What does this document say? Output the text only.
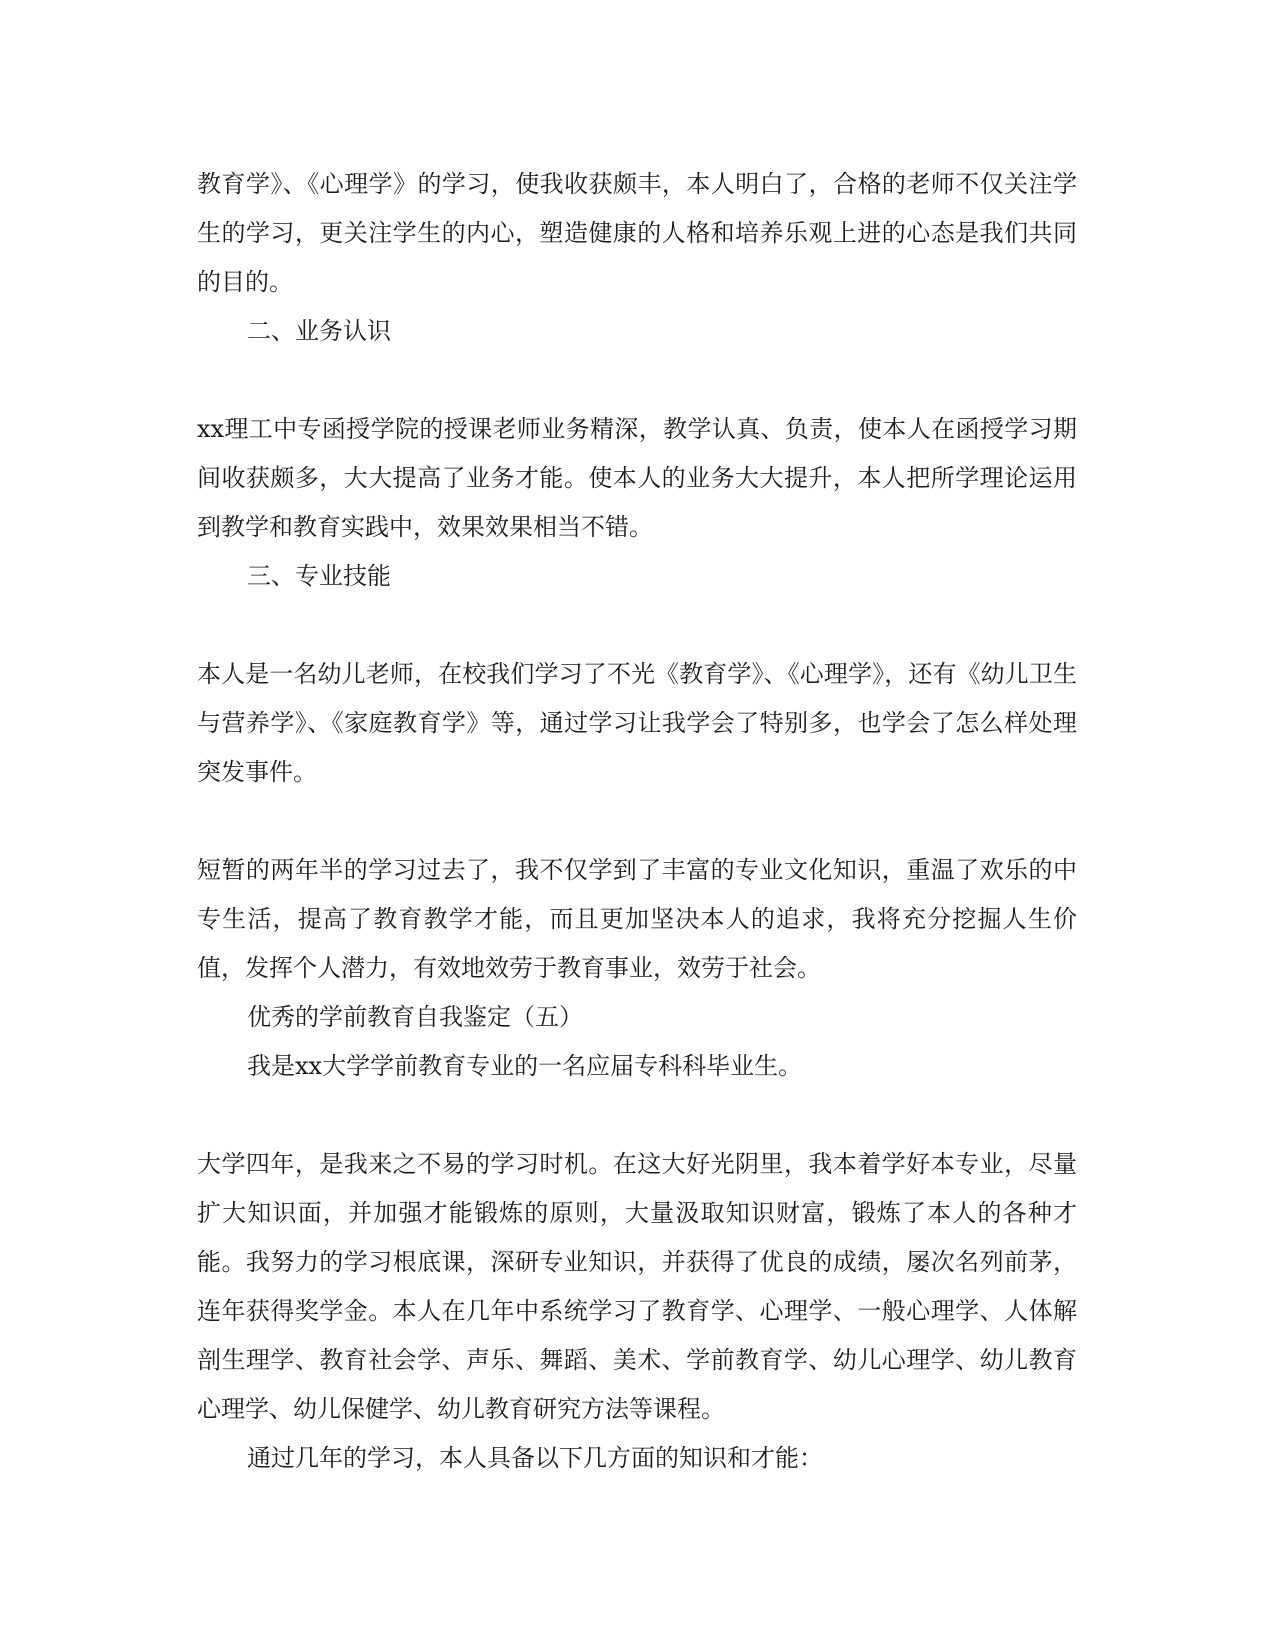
教育学》、《心理学》的学习，使我收获颇丰，本人明白了，合格的老师不仅关注学生的学习，更关注学生的内心，塑造健康的人格和培养乐观上进的心态是我们共同的目的。

二、业务认识

xx理工中专函授学院的授课老师业务精深，教学认真、负责，使本人在函授学习期间收获颇多，大大提高了业务才能。使本人的业务大大提升，本人把所学理论运用到教学和教育实践中，效果效果相当不错。

三、专业技能

本人是一名幼儿老师，在校我们学习了不光《教育学》、《心理学》，还有《幼儿卫生与营养学》、《家庭教育学》等，通过学习让我学会了特别多，也学会了怎么样处理突发事件。

短暂的两年半的学习过去了，我不仅学到了丰富的专业文化知识，重温了欢乐的中专生活，提高了教育教学才能，而且更加坚决本人的追求，我将充分挖掘人生价值，发挥个人潜力，有效地效劳于教育事业，效劳于社会。

优秀的学前教育自我鉴定（五）

我是xx大学学前教育专业的一名应届专科科毕业生。

大学四年，是我来之不易的学习时机。在这大好光阴里，我本着学好本专业，尽量扩大知识面，并加强才能锻炼的原则，大量汲取知识财富，锻炼了本人的各种才能。我努力的学习根底课，深研专业知识，并获得了优良的成绩，屡次名列前茅，连年获得奖学金。本人在几年中系统学习了教育学、心理学、一般心理学、人体解剖生理学、教育社会学、声乐、舞蹈、美术、学前教育学、幼儿心理学、幼儿教育心理学、幼儿保健学、幼儿教育研究方法等课程。

通过几年的学习，本人具备以下几方面的知识和才能：
